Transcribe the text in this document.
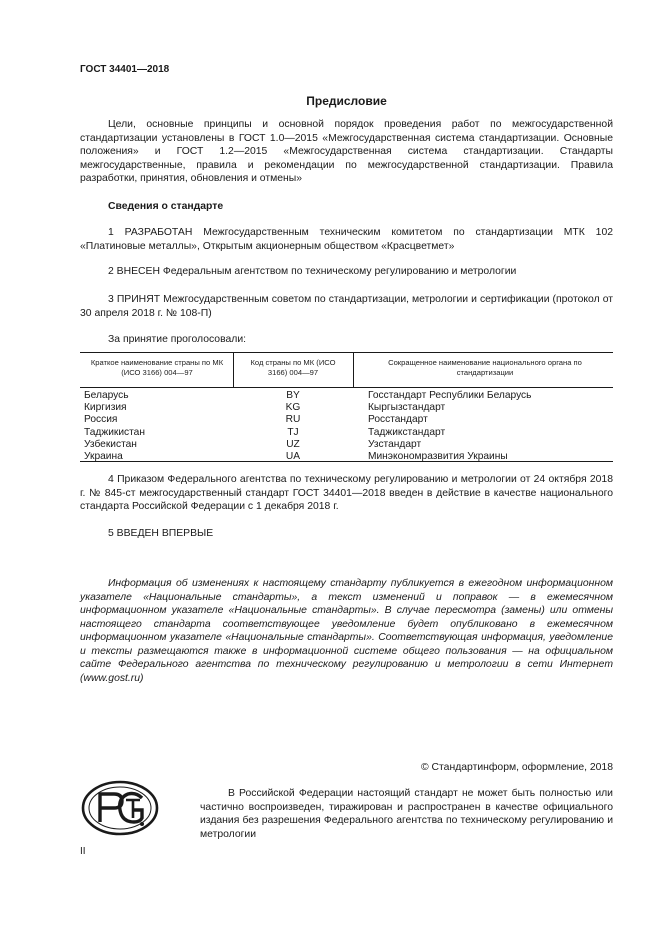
ГОСТ 34401—2018
Предисловие

Цели, основные принципы и основной порядок проведения работ по межгосударственной стандартизации установлены в ГОСТ 1.0—2015 «Межгосударственная система стандартизации. Основные положения» и ГОСТ 1.2—2015 «Межгосударственная система стандартизации. Стандарты межгосударственные, правила и рекомендации по межгосударственной стандартизации. Правила разработки, принятия, обновления и отмены»

Сведения о стандарте

1 РАЗРАБОТАН Межгосударственным техническим комитетом по стандартизации МТК 102 «Платиновые металлы», Открытым акционерным обществом «Красцветмет»

2 ВНЕСЕН Федеральным агентством по техническому регулированию и метрологии

3 ПРИНЯТ Межгосударственным советом по стандартизации, метрологии и сертификации (протокол от 30 апреля 2018 г. № 108-П)

За принятие проголосовали:

Краткое наименование страны по МК (ИСО 3166) 004—97
Код страны по МК (ИСО 3166) 004—97
Сокращенное наименование национального органа по стандартизации
Беларусь
Киргизия
Россия
Таджикистан
Узбекистан
Украина
BY
KG
RU
TJ
UZ
UA
Госстандарт Республики Беларусь
Кыргызстандарт
Росстандарт
Таджикстандарт
Узстандарт
Минэкономразвития Украины

4 Приказом Федерального агентства по техническому регулированию и метрологии от 24 октября 2018 г. № 845-ст межгосударственный стандарт ГОСТ 34401—2018 введен в действие в качестве национального стандарта Российской Федерации с 1 декабря 2018 г.

5 ВВЕДЕН ВПЕРВЫЕ

Информация об изменениях к настоящему стандарту публикуется в ежегодном информационном указателе «Национальные стандарты», а текст изменений и поправок — в ежемесячном информационном указателе «Национальные стандарты». В случае пересмотра (замены) или отмены настоящего стандарта соответствующее уведомление будет опубликовано в ежемесячном информационном указателе «Национальные стандарты». Соответствующая информация, уведомление и тексты размещаются также в информационной системе общего пользования — на официальном сайте Федерального агентства по техническому регулированию и метрологии в сети Интернет (www.gost.ru)

© Стандартинформ, оформление, 2018

В Российской Федерации настоящий стандарт не может быть полностью или частично воспроизведен, тиражирован и распространен в качестве официального издания без разрешения Федерального агентства по техническому регулированию и метрологии

II
